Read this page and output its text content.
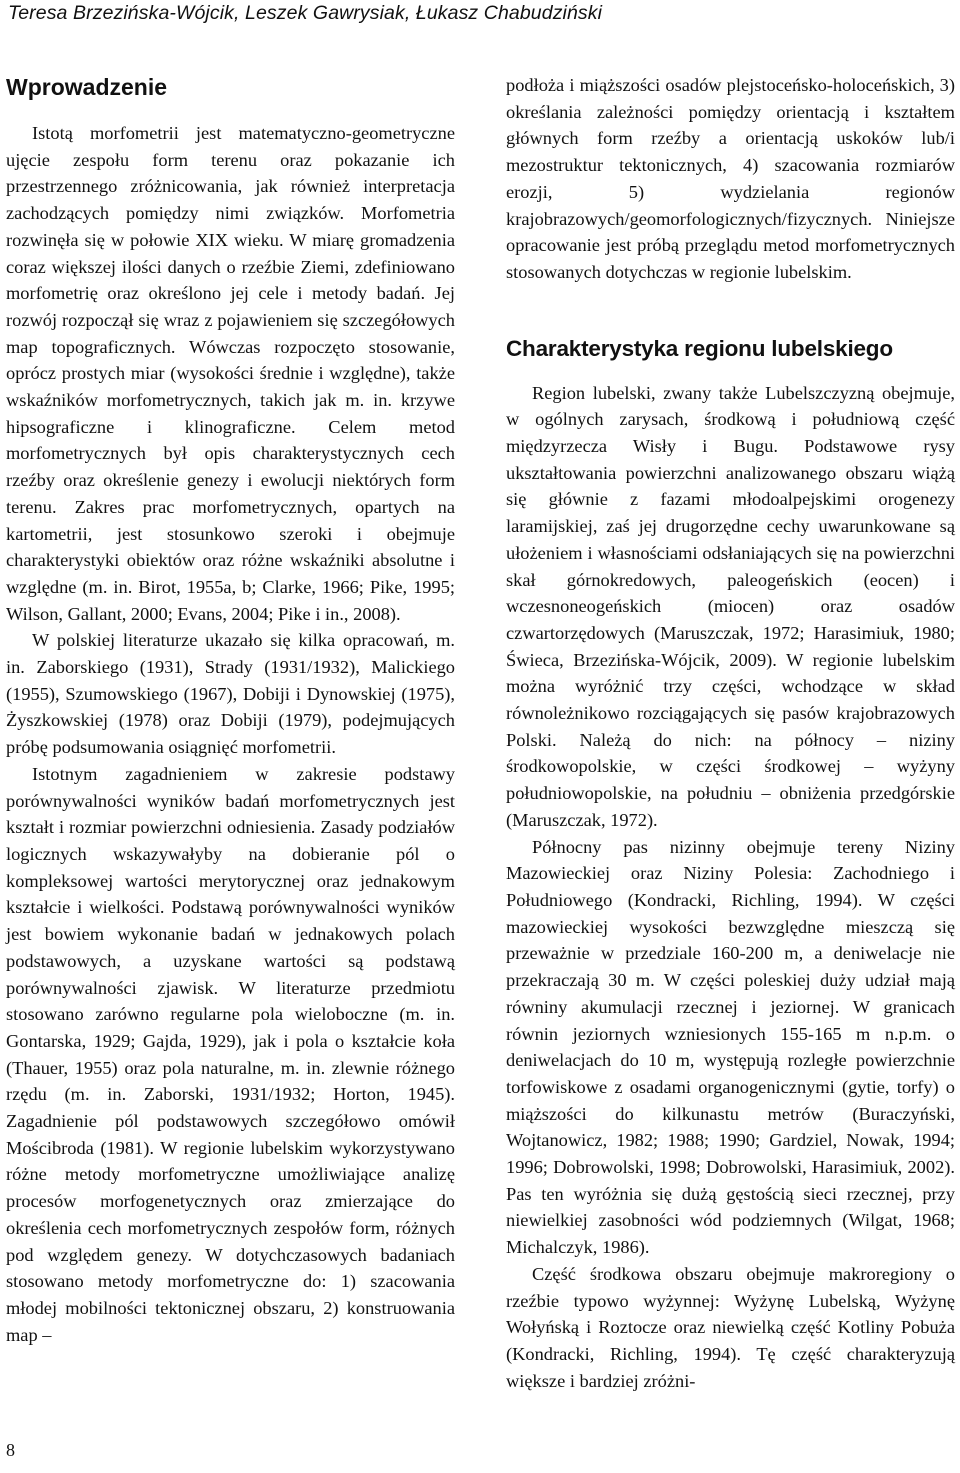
Teresa Brzezińska-Wójcik, Leszek Gawrysiak, Łukasz Chabudziński
Wprowadzenie

Istotą morfometrii jest matematyczno-geometryczne ujęcie zespołu form terenu oraz pokazanie ich przestrzennego zróżnicowania, jak również interpretacja zachodzących pomiędzy nimi związków. Morfometria rozwinęła się w połowie XIX wieku. W miarę gromadzenia coraz większej ilości danych o rzeźbie Ziemi, zdefiniowano morfometrię oraz określono jej cele i metody badań. Jej rozwój rozpoczął się wraz z pojawieniem się szczegółowych map topograficznych. Wówczas rozpoczęto stosowanie, oprócz prostych miar (wysokości średnie i względne), także wskaźników morfometrycznych, takich jak m. in. krzywe hipsograficzne i klinograficzne. Celem metod morfometrycznych był opis charakterystycznych cech rzeźby oraz określenie genezy i ewolucji niektórych form terenu. Zakres prac morfometrycznych, opartych na kartometrii, jest stosunkowo szeroki i obejmuje charakterystyki obiektów oraz różne wskaźniki absolutne i względne (m. in. Birot, 1955a, b; Clarke, 1966; Pike, 1995; Wilson, Gallant, 2000; Evans, 2004; Pike i in., 2008).

W polskiej literaturze ukazało się kilka opracowań, m. in. Zaborskiego (1931), Strady (1931/1932), Malickiego (1955), Szumowskiego (1967), Dobiji i Dynowskiej (1975), Żyszkowskiej (1978) oraz Dobiji (1979), podejmujących próbę podsumowania osiągnięć morfometrii.

Istotnym zagadnieniem w zakresie podstawy porównywalności wyników badań morfometrycznych jest kształt i rozmiar powierzchni odniesienia. Zasady podziałów logicznych wskazywałyby na dobieranie pól o kompleksowej wartości merytorycznej oraz jednakowym kształcie i wielkości. Podstawą porównywalności wyników jest bowiem wykonanie badań w jednakowych polach podstawowych, a uzyskane wartości są podstawą porównywalności zjawisk. W literaturze przedmiotu stosowano zarówno regularne pola wieloboczne (m. in. Gontarska, 1929; Gajda, 1929), jak i pola o kształcie koła (Thauer, 1955) oraz pola naturalne, m. in. zlewnie różnego rzędu (m. in. Zaborski, 1931/1932; Horton, 1945). Zagadnienie pól podstawowych szczegółowo omówił Mościbroda (1981). W regionie lubelskim wykorzystywano różne metody morfometryczne umożliwiające analizę procesów morfogenetycznych oraz zmierzające do określenia cech morfometrycznych zespołów form, różnych pod względem genezy. W dotychczasowych badaniach stosowano metody morfometryczne do: 1) szacowania młodej mobilności tektonicznej obszaru, 2) konstruowania map –

podłoża i miąższości osadów plejstoceńsko-holoceńskich, 3) określania zależności pomiędzy orientacją i kształtem głównych form rzeźby a orientacją uskoków lub/i mezostruktur tektonicznych, 4) szacowania rozmiarów erozji, 5) wydzielania regionów krajobrazowych/geomorfologicznych/fizycznych. Niniejsze opracowanie jest próbą przeglądu metod morfometrycznych stosowanych dotychczas w regionie lubelskim.

Charakterystyka regionu lubelskiego

Region lubelski, zwany także Lubelszczyzną obejmuje, w ogólnych zarysach, środkową i południową część międzyrzecza Wisły i Bugu. Podstawowe rysy ukształtowania powierzchni analizowanego obszaru wiążą się głównie z fazami młodoalpejskimi orogenezy laramijskiej, zaś jej drugorzędne cechy uwarunkowane są ułożeniem i własnościami odsłaniających się na powierzchni skał górnokredowych, paleogeńskich (eocen) i wczesnoneogeńskich (miocen) oraz osadów czwartorzędowych (Maruszczak, 1972; Harasimiuk, 1980; Świeca, Brzezińska-Wójcik, 2009). W regionie lubelskim można wyróżnić trzy części, wchodzące w skład równoleżnikowo rozciągających się pasów krajobrazowych Polski. Należą do nich: na północy – niziny środkowopolskie, w części środkowej – wyżyny południowopolskie, na południu – obniżenia przedgórskie (Maruszczak, 1972).

Północny pas nizinny obejmuje tereny Niziny Mazowieckiej oraz Niziny Polesia: Zachodniego i Południowego (Kondracki, Richling, 1994). W części mazowieckiej wysokości bezwzględne mieszczą się przeważnie w przedziale 160-200 m, a deniwelacje nie przekraczają 30 m. W części poleskiej duży udział mają równiny akumulacji rzecznej i jeziornej. W granicach równin jeziornych wzniesionych 155-165 m n.p.m. o deniwelacjach do 10 m, występują rozległe powierzchnie torfowiskowe z osadami organogenicznymi (gytie, torfy) o miąższości do kilkunastu metrów (Buraczyński, Wojtanowicz, 1982; 1988; 1990; Gardziel, Nowak, 1994; 1996; Dobrowolski, 1998; Dobrowolski, Harasimiuk, 2002). Pas ten wyróżnia się dużą gęstością sieci rzecznej, przy niewielkiej zasobności wód podziemnych (Wilgat, 1968; Michalczyk, 1986).

Część środkowa obszaru obejmuje makroregiony o rzeźbie typowo wyżynnej: Wyżynę Lubelską, Wyżynę Wołyńską i Roztocze oraz niewielką część Kotliny Pobuża (Kondracki, Richling, 1994). Tę część charakteryzują większe i bardziej zróżni-

8
